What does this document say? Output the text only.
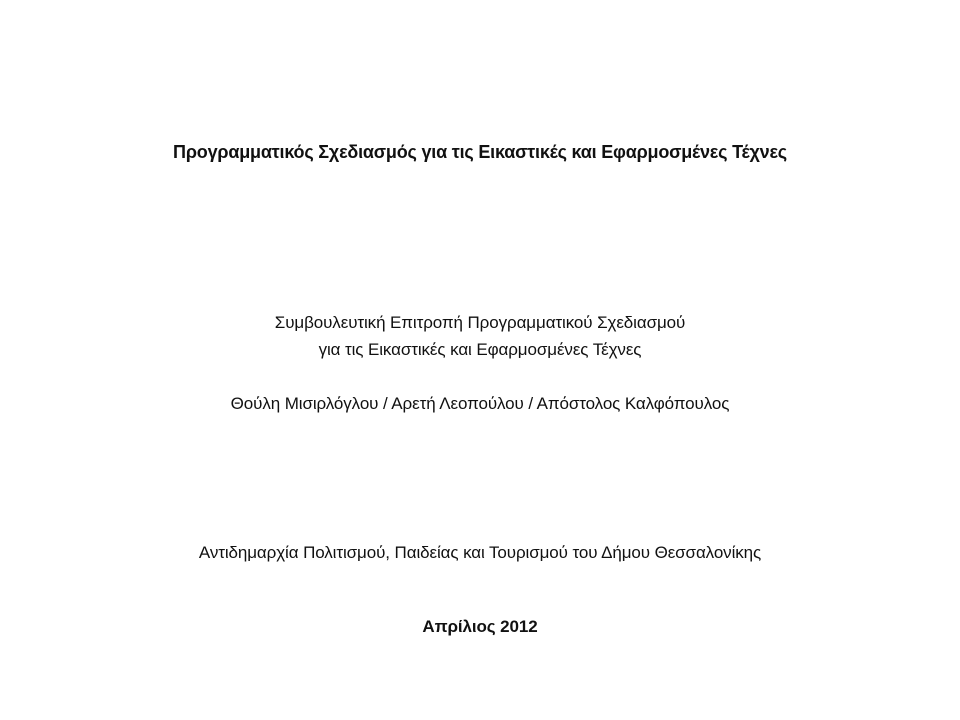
Προγραμματικός Σχεδιασμός για τις Εικαστικές και Εφαρμοσμένες Τέχνες
Συμβουλευτική Επιτροπή Προγραμματικού Σχεδιασμού
για τις Εικαστικές και Εφαρμοσμένες Τέχνες
Θούλη Μισιρλόγλου / Αρετή Λεοπούλου / Απόστολος Καλφόπουλος
Αντιδημαρχία Πολιτισμού, Παιδείας και Τουρισμού του Δήμου Θεσσαλονίκης
Απρίλιος 2012
